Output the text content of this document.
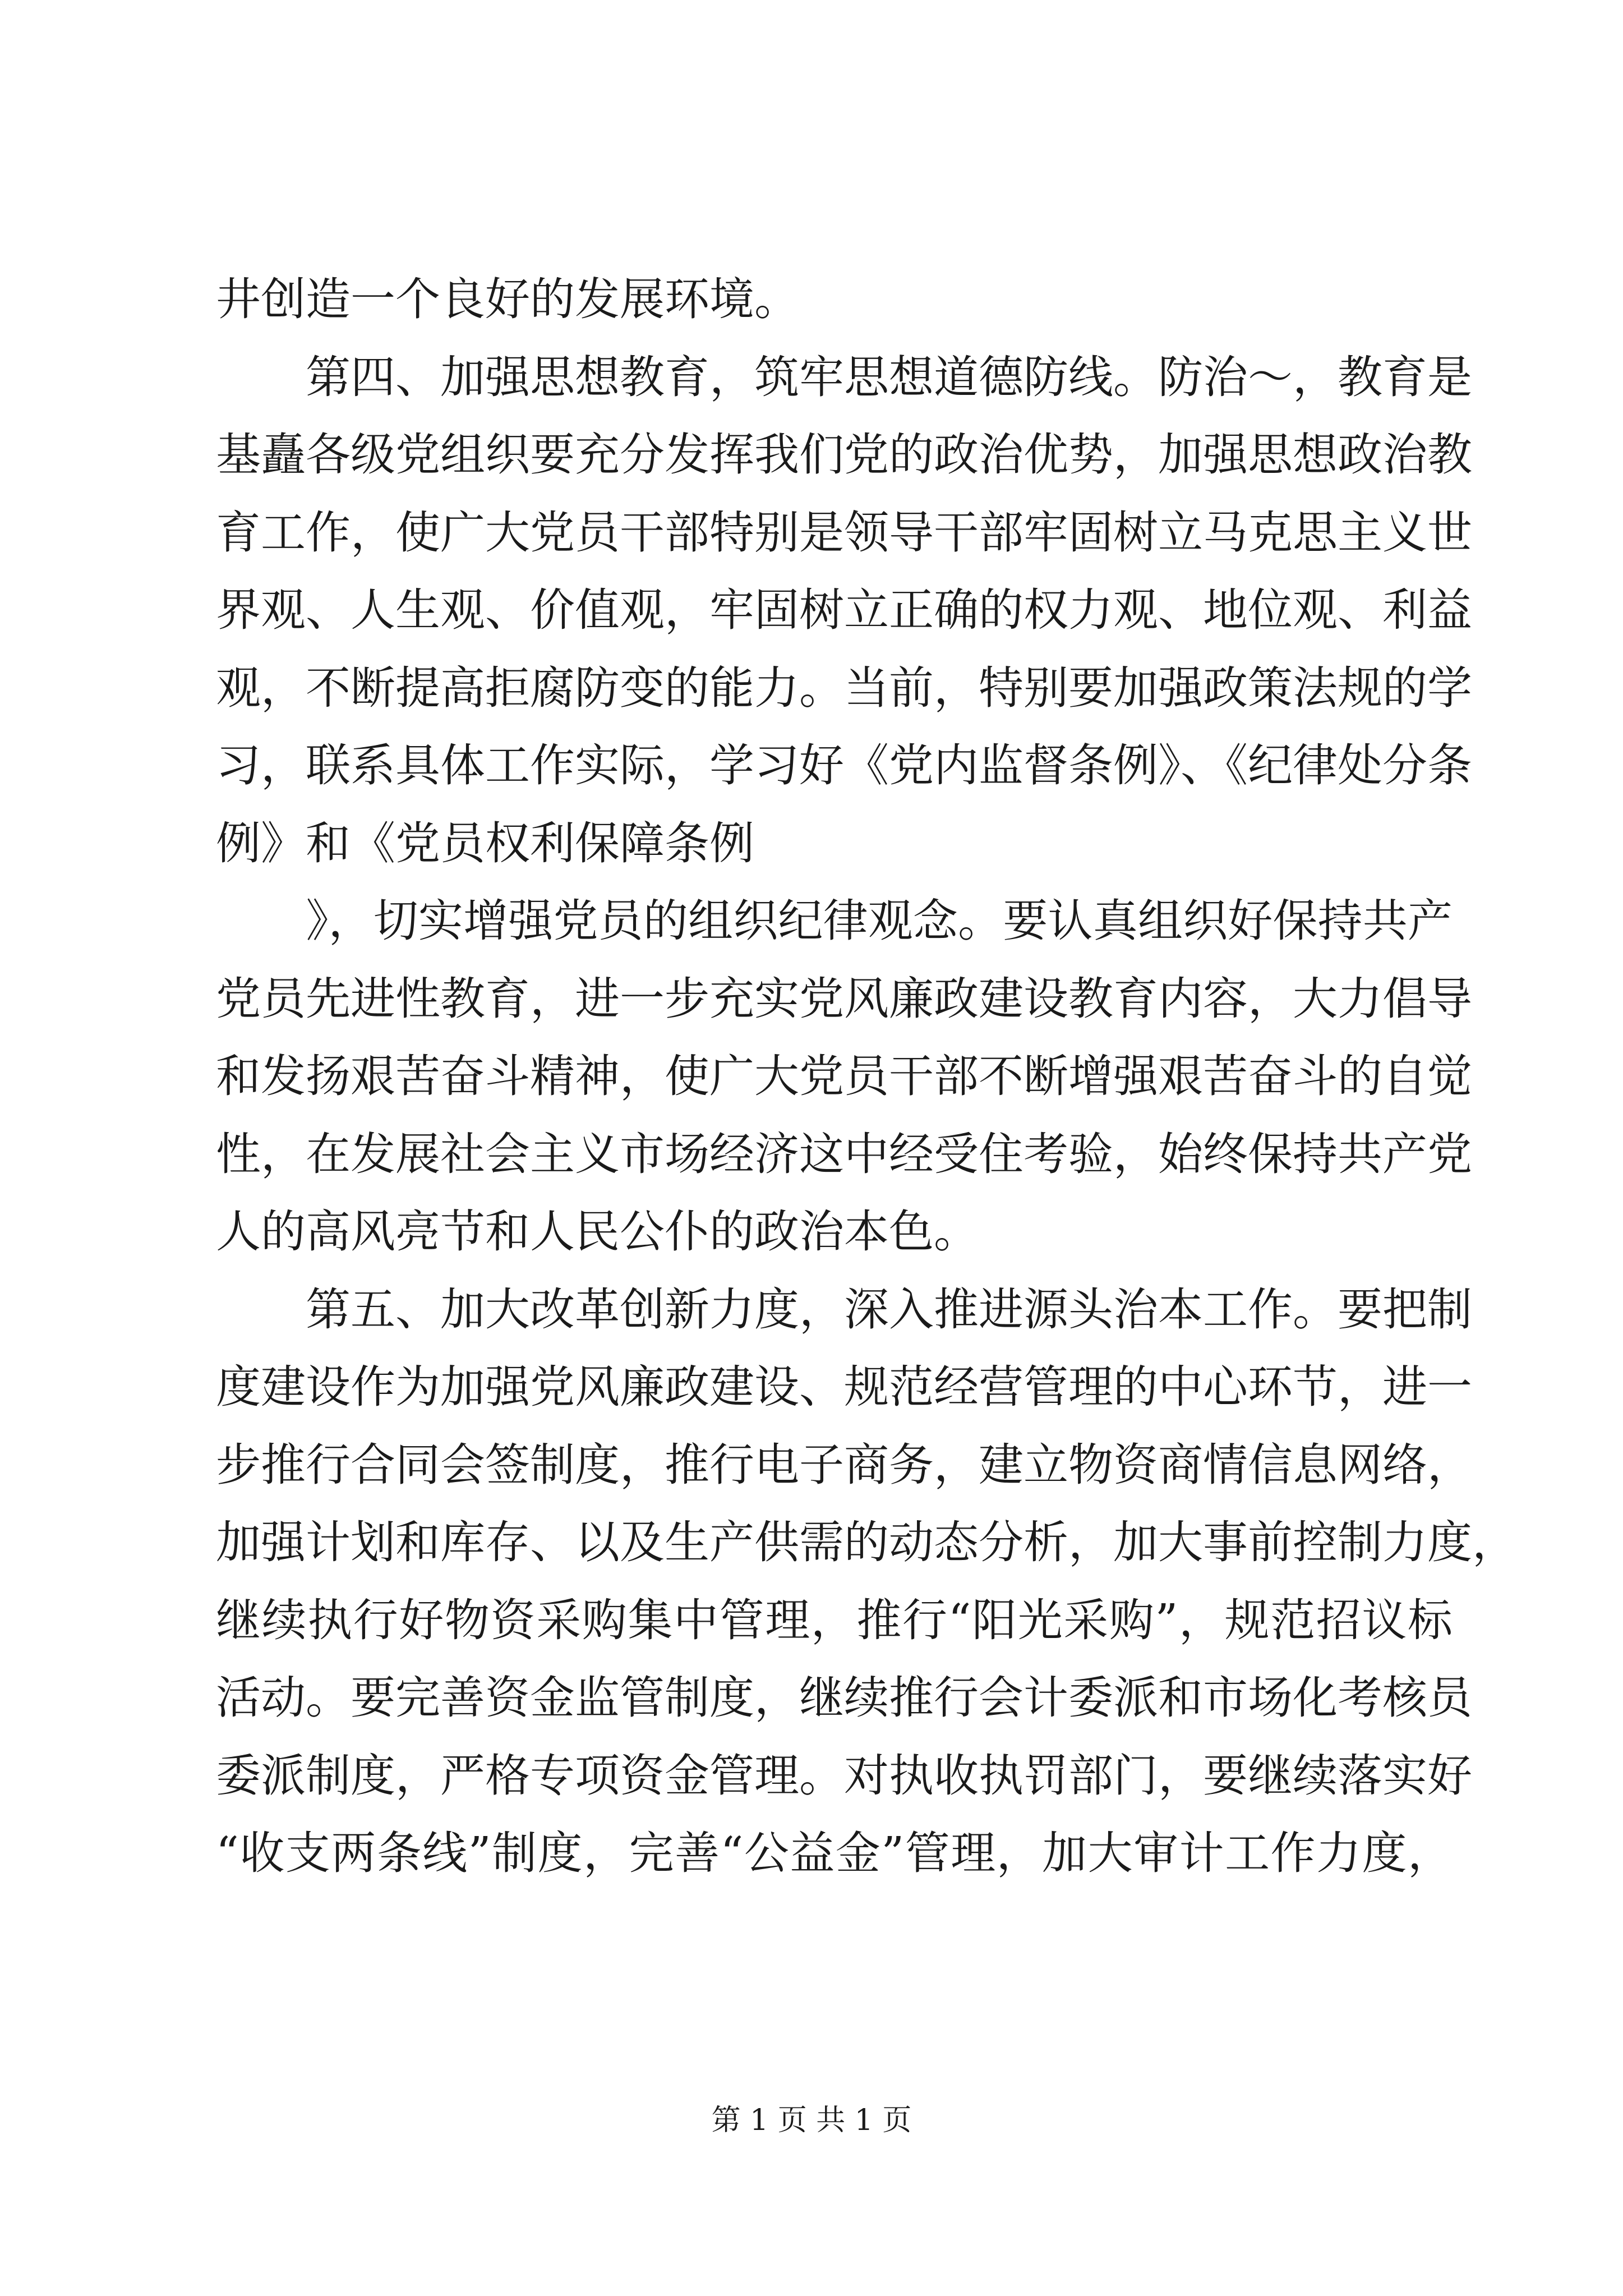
井创造一个良好的发展环境。
　　第四、加强思想教育，筑牢思想道德防线。防治～，教育是
基矗各级党组织要充分发挥我们党的政治优势，加强思想政治教
育工作，使广大党员干部特别是领导干部牢固树立马克思主义世
界观、人生观、价值观，牢固树立正确的权力观、地位观、利益
观，不断提高拒腐防变的能力。当前，特别要加强政策法规的学
习，联系具体工作实际，学习好《党内监督条例》、《纪律处分条
例》和《党员权利保障条例
　　》，切实增强党员的组织纪律观念。要认真组织好保持共产
党员先进性教育，进一步充实党风廉政建设教育内容，大力倡导
和发扬艰苦奋斗精神，使广大党员干部不断增强艰苦奋斗的自觉
性，在发展社会主义市场经济这中经受住考验，始终保持共产党
人的高风亮节和人民公仆的政治本色。
　　第五、加大改革创新力度，深入推进源头治本工作。要把制
度建设作为加强党风廉政建设、规范经营管理的中心环节，进一
步推行合同会签制度，推行电子商务，建立物资商情信息网络，
加强计划和库存、以及生产供需的动态分析，加大事前控制力度，
继续执行好物资采购集中管理，推行“阳光采购”，规范招议标
活动。要完善资金监管制度，继续推行会计委派和市场化考核员
委派制度，严格专项资金管理。对执收执罚部门，要继续落实好
“收支两条线”制度，完善“公益金”管理，加大审计工作力度，
第 1 页 共 1 页
